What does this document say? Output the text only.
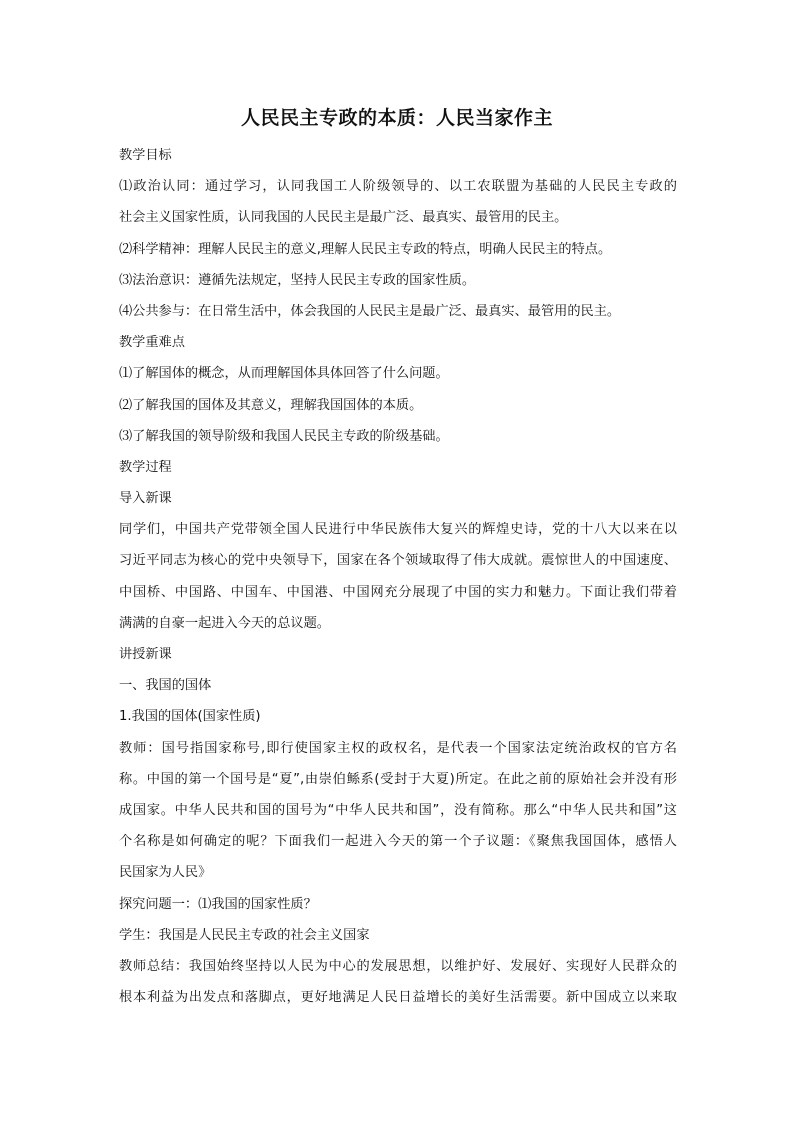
人民民主专政的本质：人民当家作主
教学目标
⑴政治认同：通过学习，认同我国工人阶级领导的、以工农联盟为基础的人民民主专政的
社会主义国家性质，认同我国的人民民主是最广泛、最真实、最管用的民主。
⑵科学精神：理解人民民主的意义,理解人民民主专政的特点，明确人民民主的特点。
⑶法治意识：遵循先法规定，坚持人民民主专政的国家性质。
⑷公共参与：在日常生活中，体会我国的人民民主是最广泛、最真实、最管用的民主。
教学重难点
⑴了解国体的概念，从而理解国体具体回答了什么问题。
⑵了解我国的国体及其意义，理解我国国体的本质。
⑶了解我国的领导阶级和我国人民民主专政的阶级基础。
教学过程
导入新课
同学们，中国共产党带领全国人民进行中华民族伟大复兴的辉煌史诗，党的十八大以来在以
习近平同志为核心的党中央领导下，国家在各个领域取得了伟大成就。震惊世人的中国速度、
中国桥、中国路、中国车、中国港、中国网充分展现了中国的实力和魅力。下面让我们带着
满满的自豪一起进入今天的总议题。
讲授新课
一、我国的国体
1.我国的国体(国家性质)
教师：国号指国家称号,即行使国家主权的政权名，是代表一个国家法定统治政权的官方名
称。中国的第一个国号是“夏”,由崇伯鲧系(受封于大夏)所定。在此之前的原始社会并没有形
成国家。中华人民共和国的国号为“中华人民共和国”，没有简称。那么“中华人民共和国”这
个名称是如何确定的呢？下面我们一起进入今天的第一个子议题：《聚焦我国国体，感悟人
民国家为人民》
探究问题一：⑴我国的国家性质？
学生：我国是人民民主专政的社会主义国家
教师总结：我国始终坚持以人民为中心的发展思想，以维护好、发展好、实现好人民群众的
根本利益为出发点和落脚点，更好地满足人民日益增长的美好生活需要。新中国成立以来取
